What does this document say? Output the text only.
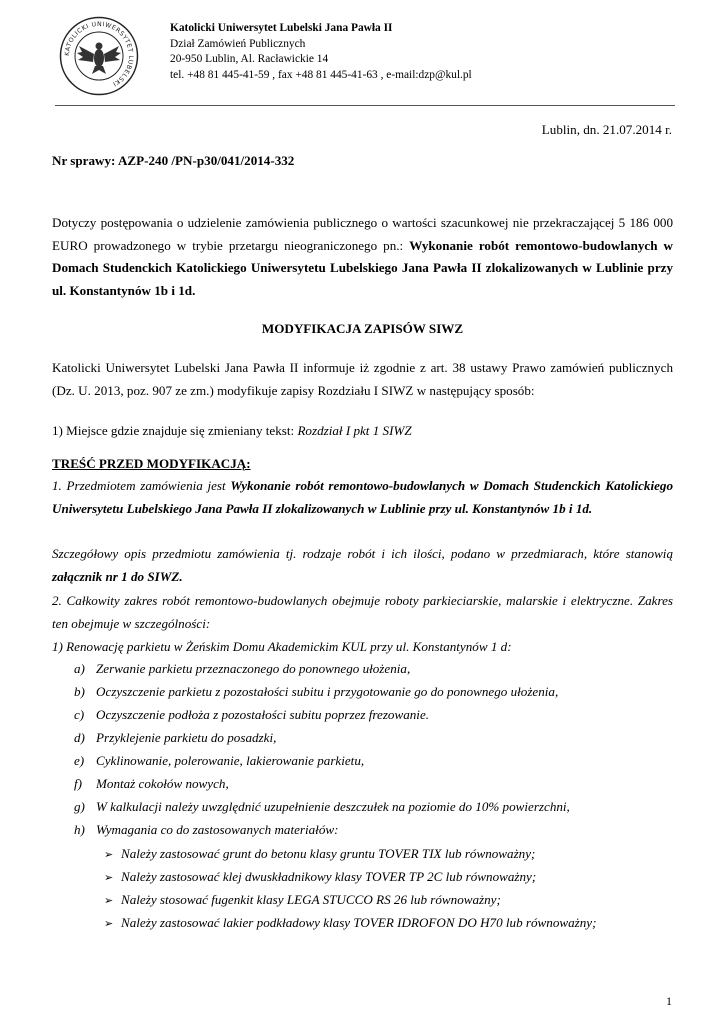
KATOLICKI UNIWERSYTET LUBELSKI
Katolicki Uniwersytet Lubelski Jana Pawła II
Dział Zamówień Publicznych
20-950 Lublin, Al. Racławickie 14
tel. +48 81 445-41-59 , fax +48 81 445-41-63 , e-mail:dzp@kul.pl
Lublin, dn. 21.07.2014 r.
Nr sprawy: AZP-240 /PN-p30/041/2014-332
Dotyczy postępowania o udzielenie zamówienia publicznego o wartości szacunkowej nie przekraczającej 5 186 000 EURO prowadzonego w trybie przetargu nieograniczonego pn.: Wykonanie robót remontowo-budowlanych w Domach Studenckich Katolickiego Uniwersytetu Lubelskiego Jana Pawła II zlokalizowanych w Lublinie przy ul. Konstantynów 1b i 1d.
MODYFIKACJA ZAPISÓW SIWZ
Katolicki Uniwersytet Lubelski Jana Pawła II informuje iż zgodnie z art. 38 ustawy Prawo zamówień publicznych (Dz. U. 2013, poz. 907 ze zm.) modyfikuje zapisy Rozdziału I SIWZ w następujący sposób:
1) Miejsce gdzie znajduje się zmieniany tekst: Rozdział I pkt 1 SIWZ
TREŚĆ PRZED MODYFIKACJĄ:
1. Przedmiotem zamówienia jest Wykonanie robót remontowo-budowlanych w Domach Studenckich Katolickiego Uniwersytetu Lubelskiego Jana Pawła II zlokalizowanych w Lublinie przy ul. Konstantynów 1b i 1d.
Szczegółowy opis przedmiotu zamówienia tj. rodzaje robót i ich ilości, podano w przedmiarach, które stanowią załącznik nr 1 do SIWZ.
2. Całkowity zakres robót remontowo-budowlanych obejmuje roboty parkieciarskie, malarskie i elektryczne. Zakres ten obejmuje w szczególności:
1) Renowację parkietu w Żeńskim Domu Akademickim KUL przy ul. Konstantynów 1 d:
a) Zerwanie parkietu przeznaczonego do ponownego ułożenia,
b) Oczyszczenie parkietu z pozostałości subitu i przygotowanie go do ponownego ułożenia,
c) Oczyszczenie podłoża z pozostałości subitu poprzez frezowanie.
d) Przyklejenie parkietu do posadzki,
e) Cyklinowanie, polerowanie, lakierowanie parkietu,
f) Montaż cokołów nowych,
g) W kalkulacji należy uwzględnić uzupełnienie deszczułek na poziomie do 10% powierzchni,
h) Wymagania co do zastosowanych materiałów:
➢ Należy zastosować grunt do betonu klasy gruntu TOVER TIX lub równoważny;
➢ Należy zastosować klej dwuskładnikowy klasy TOVER TP 2C lub równoważny;
➢ Należy stosować fugenkit klasy LEGA STUCCO RS 26 lub równoważny;
➢ Należy zastosować lakier podkładowy klasy TOVER IDROFON DO H70 lub równoważny;
1
